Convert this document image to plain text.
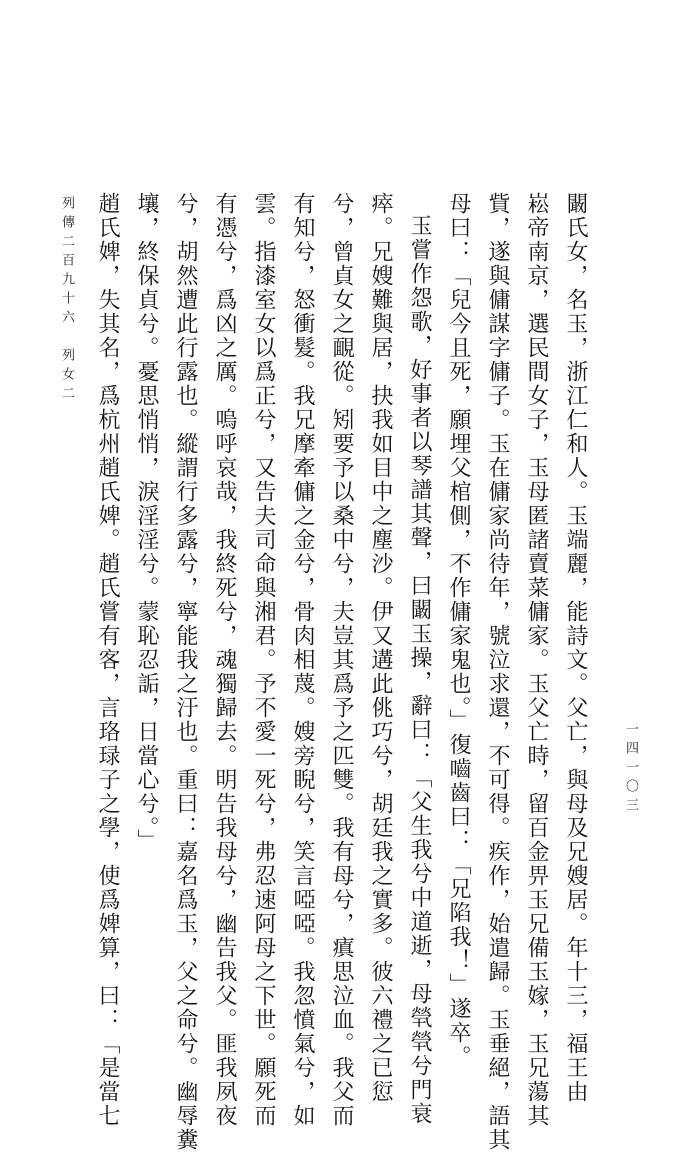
列傳二百九十六　列女二
一四一〇三

闞氏女，名玉，浙江仁和人。玉端麗，能詩文。父亡，與母及兄嫂居。年十三，福王由

崧帝南京，選民間女子，玉母匿諸賣菜傭家。玉父亡時，留百金畀玉兄備玉嫁，玉兄蕩其

貲，遂與傭謀字傭子。玉在傭家尚待年，號泣求還，不可得。疾作，始遣歸。玉垂絕，語其

母曰：「兒今且死，願埋父棺側，不作傭家鬼也。」復嚙齒曰：「兄陷我！」遂卒。

玉嘗作怨歌，好事者以琴譜其聲，曰闞玉操，辭曰：「父生我兮中道逝，母煢煢兮門衰

瘁。兄嫂難與居，抉我如目中之塵沙。伊又遘此佻巧兮，胡廷我之實多。彼六禮之已愆

兮，曾貞女之靦從。矧要予以桑中兮，夫豈其爲予之匹雙。我有母兮，瘨思泣血。我父而

有知兮，怒衝髮。我兄摩牽傭之金兮，骨肉相蔑。嫂旁睨兮，笑言啞啞。我忽憤氣兮，如

雲。指漆室女以爲正兮，又告夫司命與湘君。予不愛一死兮，弗忍速阿母之下世。願死而

有憑兮，爲凶之厲。嗚呼哀哉，我終死兮，魂獨歸去。明告我母兮，幽告我父。匪我夙夜

兮，胡然遭此行露也。縱謂行多露兮，寧能我之汙也。重曰：嘉名爲玉，父之命兮。幽辱糞

壤，終保貞兮。憂思悄悄，淚淫淫兮。蒙恥忍詬，日當心兮。」

趙氏婢，失其名，爲杭州趙氏婢。趙氏嘗有客，言珞琭子之學，使爲婢算，曰：「是當七
